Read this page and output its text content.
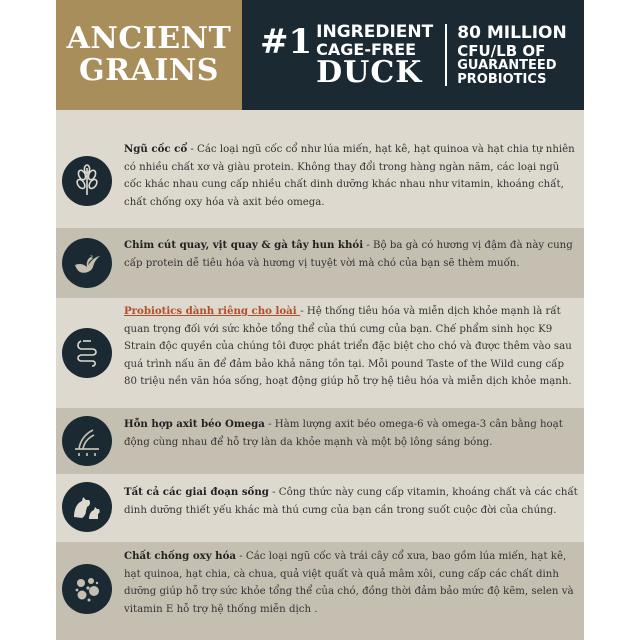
ANCIENT
GRAINS
#1 INGREDIENT
CAGE-FREE
DUCK
80 MILLION
CFU/LB OF
GUARANTEED
PROBIOTICS
Ngũ cốc cổ - Các loại ngũ cốc cổ như lúa miến, hạt kê, hạt quinoa và hạt chia tự nhiên có nhiều chất xơ và giàu protein. Không thay đổi trong hàng ngàn năm, các loại ngũ cốc khác nhau cung cấp nhiều chất dinh dưỡng khác nhau như vitamin, khoáng chất, chất chống oxy hóa và axit béo omega.
Chim cút quay, vịt quay & gà tây hun khói - Bộ ba gà có hương vị đậm đà này cung cấp protein dễ tiêu hóa và hương vị tuyệt vời mà chó của bạn sẽ thèm muốn.
Probiotics dành riêng cho loài - Hệ thống tiêu hóa và miễn dịch khỏe mạnh là rất quan trọng đối với sức khỏe tổng thể của thú cưng của bạn. Chế phẩm sinh học K9 Strain độc quyền của chúng tôi được phát triển đặc biệt cho chó và được thêm vào sau quá trình nấu ăn để đảm bảo khả năng tồn tại. Mỗi pound Taste of the Wild cung cấp 80 triệu nền văn hóa sống, hoạt động giúp hỗ trợ hệ tiêu hóa và miễn dịch khỏe mạnh.
Hỗn hợp axit béo Omega - Hàm lượng axit béo omega-6 và omega-3 cân bằng hoạt động cùng nhau để hỗ trợ làn da khỏe mạnh và một bộ lông sáng bóng.
Tất cả các giai đoạn sống - Công thức này cung cấp vitamin, khoáng chất và các chất dinh dưỡng thiết yếu khác mà thú cưng của bạn cần trong suốt cuộc đời của chúng.
Chất chống oxy hóa - Các loại ngũ cốc và trái cây cổ xưa, bao gồm lúa miến, hạt kê, hạt quinoa, hạt chia, cà chua, quả việt quất và quả mâm xôi, cung cấp các chất dinh dưỡng giúp hỗ trợ sức khỏe tổng thể của chó, đồng thời đảm bảo mức độ kẽm, selen và vitamin E hỗ trợ hệ thống miễn dịch .
